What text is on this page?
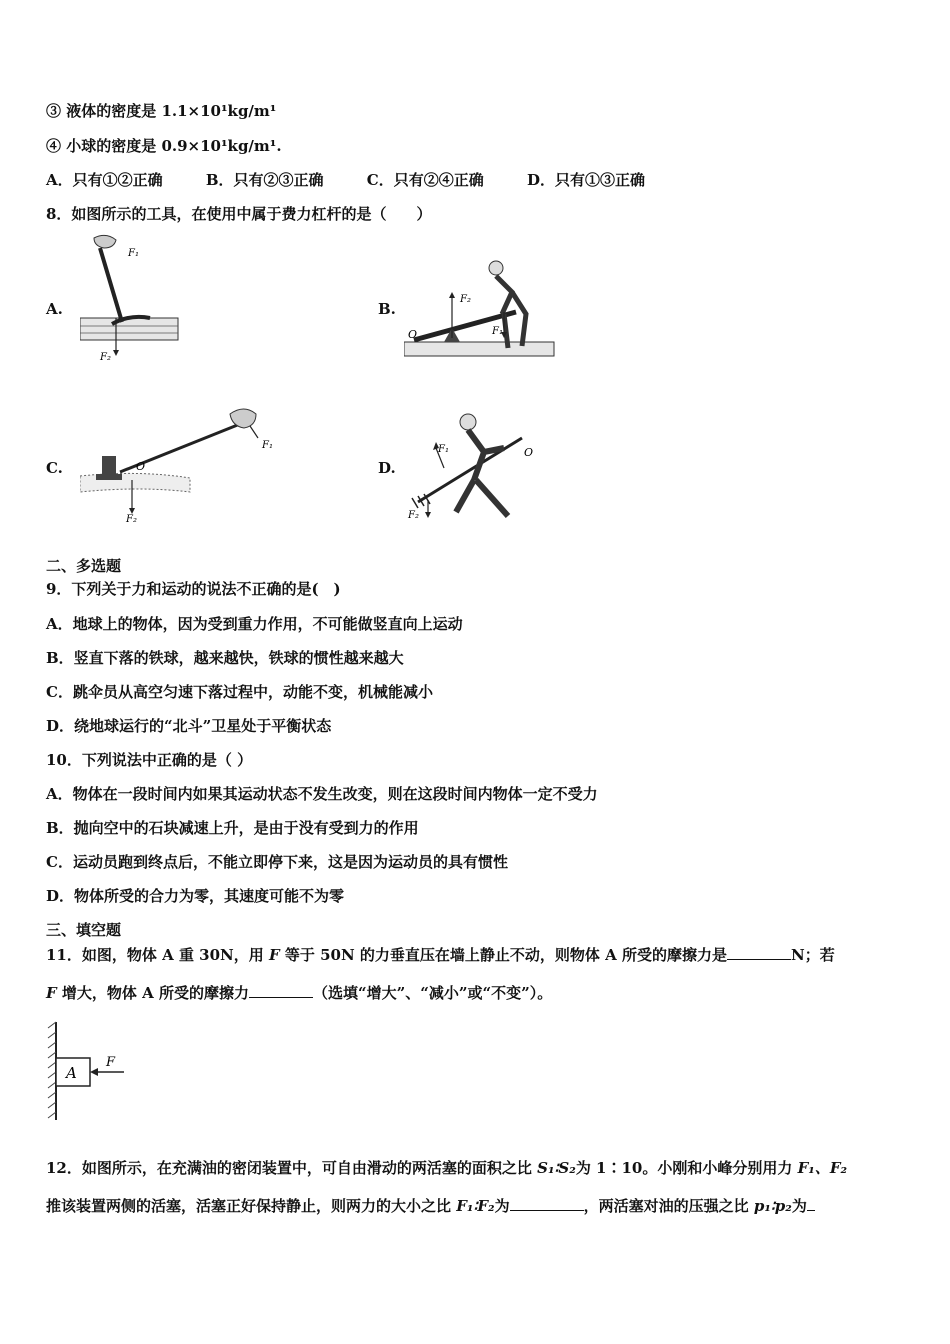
③ 液体的密度是 1.1×10¹kg/m¹
④ 小球的密度是 0.9×10¹kg/m¹.
A．只有①②正确	B．只有②③正确	C．只有②④正确	D．只有①③正确
8．如图所示的工具，在使用中属于费力杠杆的是（　　）
A.	B.
C.	D.
F₁
F₂
F₂
F₁
O
O
F₁
F₂
F₁	O
F₂
二、多选题
9．下列关于力和运动的说法不正确的是(　)
A．地球上的物体，因为受到重力作用，不可能做竖直向上运动
B．竖直下落的铁球，越来越快，铁球的惯性越来越大
C．跳伞员从高空匀速下落过程中，动能不变，机械能减小
D．绕地球运行的“北斗”卫星处于平衡状态
10．下列说法中正确的是（ ）
A．物体在一段时间内如果其运动状态不发生改变，则在这段时间内物体一定不受力
B．抛向空中的石块减速上升，是由于没有受到力的作用
C．运动员跑到终点后，不能立即停下来，这是因为运动员的具有惯性
D．物体所受的合力为零，其速度可能不为零
三、填空题
11．如图，物体 A 重 30N，用 F 等于 50N 的力垂直压在墙上静止不动，则物体 A 所受的摩擦力是	N；若
F 增大，物体 A 所受的摩擦力	（选填“增大”、“减小”或“不变”）。
A
F
12．如图所示，在充满油的密闭装置中，可自由滑动的两活塞的面积之比 S₁∶S₂为 1∶10。小刚和小峰分别用力 F₁、F₂
推该装置两侧的活塞，活塞正好保持静止，则两力的大小之比 F₁∶F₂为	，两活塞对油的压强之比 p₁∶p₂为
